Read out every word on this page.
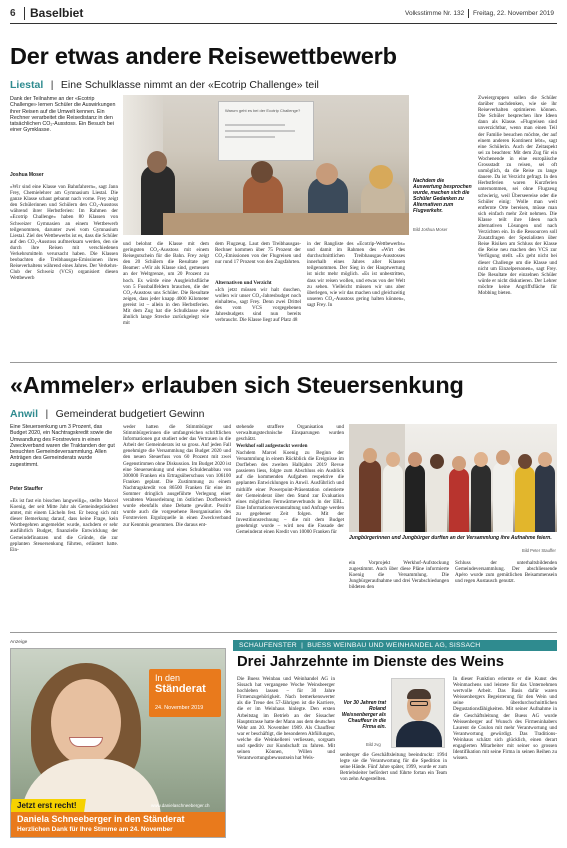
6 Baselbiet	Volksstimme Nr. 132 Freitag, 22. November 2019
Der etwas andere Reisewettbewerb
Liestal | Eine Schulklasse nimmt an der «Ecotrip Challenge» teil
Dank der Teilnahme an der «Ecotrip Challenge» lernen Schüler die Auswirkungen ihrer Reisen auf die Umwelt kennen. Ein Rechner verarbeitet die Reisedistanz in den tatsächlichen CO₂-Ausstoss. Ein Besuch bei einer Gymklasse.
Joshua Moser
«Wir sind eine Klasse von Bahnfahrern», sagt Jann Frey, Chemielehrer am Gymnasium Liestal. Die ganze Klasse schaut gebannt nach vorne. Frey zeigt den Schülerinnen und Schülern den CO₂-Ausstoss während ihrer Herbstferien: Im Rahmen der «Ecotrip Challenge» haben 80 Klassen von Schweizer Gymnasien an einem Wettbewerb teilgenommen, darunter zwei vom Gymnasium Liestal. Ziel des Wettbewerbs ist es, dass die Schüler auf den CO₂-Ausstoss aufmerksam werden, den sie durch ihre Reisen mit verschiedenen Verkehrsmitteln verursacht haben. Die Klassen beobachten die Treibhausgas-Emissionen ihres Reiseverhaltens während eines Jahres. Der Verkehrs-Club der Schweiz (VCS) organisiert diesen Wettbewerb
Warum geht es bei der Ecotrip Challenge?
Nachdem die Auswertung besprochen wurde, machen sich die Schüler Gedanken zu Alternativen zum Flugverkehr.
Bild Joshua Moser
und belohnt die Klasse mit dem geringsten CO₂-Ausstoss mit einem Reisegutschein für die Bahn. Frey zeigt den 20 Schülern die Resultate per Beamer: «Wir als Klasse sind, gemessen an der Weltgrenze, um 20 Prozent zu hoch. Es würde eine Ausgleichsfläche von 5 Fussballfeldern brauchen, die der CO₂-Ausstoss uns Schüler. Die Resultate zeigen, dass jeder knapp 4000 Kilometer gereist ist – allein in den Herbstferien. Mit dem Zug hat die Schulklasse eine ähnlich lange Strecke zurückgelegt wie mit
dem Flugzeug. Laut dem Treibhausgas-Rechner kommen über 75 Prozent der CO₂-Emissionen von der Flugreisen und nur rund 17 Prozent von den Zugsfahrten.
Alternativen und Verzicht
«Ich jetzt müssen wir halt duschen, wollen wir unser CO₂-Jahresbudget noch einhalten», sagt Frey. Denn zwei Drittel des vom VCS vorgegebenen Jahresbudgets sind nun bereits verbraucht. Die Klasse liegt auf Platz 48
in der Rangliste des «Ecotrip-Wettbewerbs» und damit im Rahmen des «Wirt des durchschnittlichen Treibhausgas-Ausstosses innerhalb eines Jahres aller Klassen teilgenommen. Der Sieg in der Hauptwertung ist nicht mehr möglich. «Es ist unbestritten, dass wir reisen wollen, und etwas von der Welt zu sehen. Vielleicht müssen wir uns aber überlegen, wie wir das machen und gleichzeitig unseren CO₂-Ausstoss gering halten können», sagt Frey. In
Zweiergruppen sollen die Schüler darüber nachdenken, wie sie ihr Reiseverhalten optimieren können. Die Schüler besprechen ihre Ideen dann als Klasse. «Flugreisen sind unverzichtbar, wenn man einen Teil der Familie besuchen möchte, der auf einem anderen Kontinent lebt», sagt eine Schülerin. Auch der Zeitaspekt sei zu beachten: Mit dem Zug für ein Wochenende in eine europäische Grossstadt zu reisen, sei oft unmöglich, da die Reise zu lange dauere. Da ist Verzicht gefragt. In den Herbstferien waren Kurzferien unternommen, sei ohne Flugzeug schwierig, weil Überseereise oder die Schüler einig: Wolle man weit entfernte Orte bereisen, müsse man sich einfach mehr Zeit nehmen. Die Klasse teilt ihre Ideen nach alternativen Lösungen und nach Verzichten ein. In die Ressourcen soll Zusatzfragen der Spezialisten über Reise Risiken am Schluss der Klasse die Reise neu machen den VCS zur Verfügung stellt. «Es geht nicht bei dieser Challenge um die Klasse und nicht um Einzelpersonen», sagt Frey. Die Resultate der einzelnen Schüler würde er nicht diskutieren. Der Lehrer möchte keine Angriffsfläche für Mobbing bieten.
«Ammeler» erlauben sich Steuersenkung
Anwil | Gemeinderat budgetiert Gewinn
Eine Steuersenkung um 3 Prozent, das Budget 2020, ein Nachtragskredit sowie die Umwandlung des Forstreviers in einen Zweckverband waren die Traktanden der gut besuchten Gemeindeversammlung. Allen Anträgen des Gemeinderats wurde zugestimmt.
Peter Stauffer
«Es ist fast ein bisschen langweilig», stellte Marcel Koenig, der seit Mitte Jahr als Gemeindepräsident amtet, mit einem Lächeln fest. Er bezog sich mit dieser Bemerkung darauf, dass keine Frage, kein Wortbegehren angemeldet wurde, nachdem er sehr ausführlich Budget, finanzielle Entwicklung der Gemeindefinanzen und die Gründe, die zur geplanten Steuersenkung führten, erläutert hatte. Ein-
weder hatten die Stimmbürger und Stimmbürgerinnen die umfangreichen schriftlichen Informationen gut studiert oder das Vertrauen in die Arbeit der Gemeinderats ist so gross. Auf jeden Fall genehmigte die Versammlung das Budget 2020 und den neuen Steuerfuss von 60 Prozent mit zwei Gegenstimmen ohne Diskussion. Im Budget 2020 ist eine Steuersenkung und eines Schuldenabbau von 300000 Franken ein Ertragsüberschuss von 106100 Franken geplant. Die Zustimmung zu einem Nachtragskredit von 86500 Franken für eine im Sommer dringlich ausgeführte Verlegung einer veralteten Wasserleitung im östlichen Dorfbereich wurde ebenfalls ohne Debatte gewährt. Positiv wurde auch die vorgesehene Reorganisation des Forstreviers Ergolzquelle in einen Zweckverband zur Kenntnis genommen. Die daraus ent-
stehende straffere Organisation und verwaltungstechnische Einsparungen wurden geschätzt.
Werkhof soll aufgestockt werden
Nachdem Marcel Koenig zu Beginn der Versammlung in einem Rückblick die Ereignisse im Dorfleben des zweiten Halbjahrs 2019 Revue passieren liess, folgte zum Abschluss ein Ausblick auf die kommenden Aufgaben respektive die geplanten Entwicklungen in Anwil. Ausführlich und mithilfe einer Powerpoint-Präsentation orientierte der Gemeinderat über den Stand zur Evaluation eines möglichen Fernwärmeverbunds in der EBL. Eine Informationsveranstaltung und Anfrage werden zu gegebener Zeit folgen. Mit der Investitionsrechnung – die mit dem Budget genehmigt wurde – wird neu die Fassade der Gemeinderat einen Kredit von 10000 Franken für
Jungbürgerinnen und Jungbürger durften an der Versammlung ihre Aufnahme feiern.
Bild Peter Stauffer
ein Vorprojekt Werkhof-Aufstockung zugestimmt. Auch über diese Pläne informierte Koenig die Versammlung. Die Jungbürgeraufnahme und drei Verabschiedungen bildeten den
Schluss der unterhaltsbildenden Gemeindeversammlung. Der abschliessende Apéro wurde zum gemütlichen Beisammensein und regen Austausch genutzt.
Anzeige
In den
Ständerat
24. November 2019
Jetzt erst recht!
Daniela Schneeberger in den Ständerat
Herzlichen Dank für Ihre Stimme am 24. November
www.danielaschneeberger.ch
SCHAUFENSTER  |  BUESS WEINBAU UND WEINHANDEL AG, SISSACH
Drei Jahrzehnte im Dienste des Weins
Die Buess Weinbau und Weinhandel AG in Sissach hat vergangene Woche Weinsbeerger hochleben lassen – für 30 Jahre Firmenzugehörigkeit. Nach bemerkenswerter als die Treue des 57-Jährigen ist die Karriere, die er im Weinhaus hinlegte. Den ersten Arbeitstag im Betrieb an der Sissacher Hauptstrasse hatte der Mann aus dem deutschen Wehr am 20. November 1989. Als Chauffeur war er beschäftigt, die besonderen Abfüllungen, welche die Weinkellerei verliessen, sorgsam und speditiv zur Kundschaft zu fahren. Mit seinen Können, Willen und Verantwortungsbewusstsein hat Wels-
Vor 30 Jahren trat Roland Weissenberger als Chauffeur in die Firma ein.
Bild zvg
senberger die Geschäftsleitung beeindruckt: 1994 legte sie die Verantwortung für die Spedition in seine Hände. Fünf Jahre später, 1999, wurde er zum Betriebsleiter befördert und führte fortan ein Team von zehn Angestellten.
In dieser Funktion erlernte er die Kunst des Weinmachens und leistete für das Unternehmen wertvolle Arbeit. Das Basis dafür waren Weissenbergers Begeisterung für den Wein und seine überdurchschnittlichen Degustationsfähigkeiten. Mit seiner Aufnahme in die Geschäftsleitung der Buess AG wurde Weissenberger auf Wunsch des Firmeninhabers Laurent de Coulon mit mehr Verantwortung und Verantwortung gewürdigt. Das Traditions-Weinhaus schätzt sich glücklich, einen derart engagierten Mitarbeiter mit seiner so grossen Identifikation mit seine Firma in seinen Reihen zu wissen.
